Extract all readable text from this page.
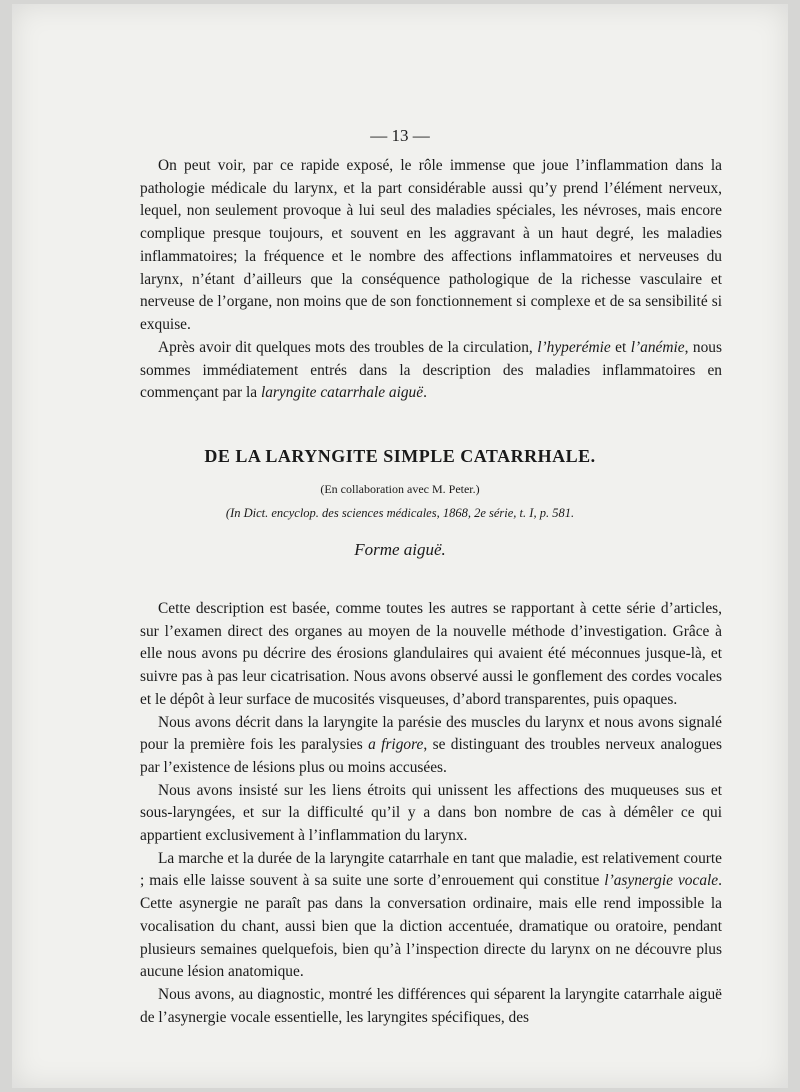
— 13 —

On peut voir, par ce rapide exposé, le rôle immense que joue l’inflammation dans la pathologie médicale du larynx, et la part considérable aussi qu’y prend l’élément nerveux, lequel, non seulement provoque à lui seul des maladies spéciales, les névroses, mais encore complique presque toujours, et souvent en les aggravant à un haut degré, les maladies inflammatoires; la fréquence et le nombre des affections inflammatoires et nerveuses du larynx, n’étant d’ailleurs que la conséquence pathologique de la richesse vasculaire et nerveuse de l’organe, non moins que de son fonctionnement si complexe et de sa sensibilité si exquise.

Après avoir dit quelques mots des troubles de la circulation, l’hyperémie et l’anémie, nous sommes immédiatement entrés dans la description des maladies inflammatoires en commençant par la laryngite catarrhale aiguë.

DE LA LARYNGITE SIMPLE CATARRHALE.
(En collaboration avec M. Peter.)
(In Dict. encyclop. des sciences médicales, 1868, 2e série, t. I, p. 581.
Forme aiguë.

Cette description est basée, comme toutes les autres se rapportant à cette série d’articles, sur l’examen direct des organes au moyen de la nouvelle méthode d’investigation. Grâce à elle nous avons pu décrire des érosions glandulaires qui avaient été méconnues jusque-là, et suivre pas à pas leur cicatrisation. Nous avons observé aussi le gonflement des cordes vocales et le dépôt à leur surface de mucosités visqueuses, d’abord transparentes, puis opaques.

Nous avons décrit dans la laryngite la parésie des muscles du larynx et nous avons signalé pour la première fois les paralysies a frigore, se distinguant des troubles nerveux analogues par l’existence de lésions plus ou moins accusées.

Nous avons insisté sur les liens étroits qui unissent les affections des muqueuses sus et sous-laryngées, et sur la difficulté qu’il y a dans bon nombre de cas à démêler ce qui appartient exclusivement à l’inflammation du larynx.

La marche et la durée de la laryngite catarrhale en tant que maladie, est relativement courte ; mais elle laisse souvent à sa suite une sorte d’enrouement qui constitue l’asynergie vocale. Cette asynergie ne paraît pas dans la conversation ordinaire, mais elle rend impossible la vocalisation du chant, aussi bien que la diction accentuée, dramatique ou oratoire, pendant plusieurs semaines quelquefois, bien qu’à l’inspection directe du larynx on ne découvre plus aucune lésion anatomique.

Nous avons, au diagnostic, montré les différences qui séparent la laryngite catarrhale aiguë de l’asynergie vocale essentielle, les laryngites spécifiques, des
